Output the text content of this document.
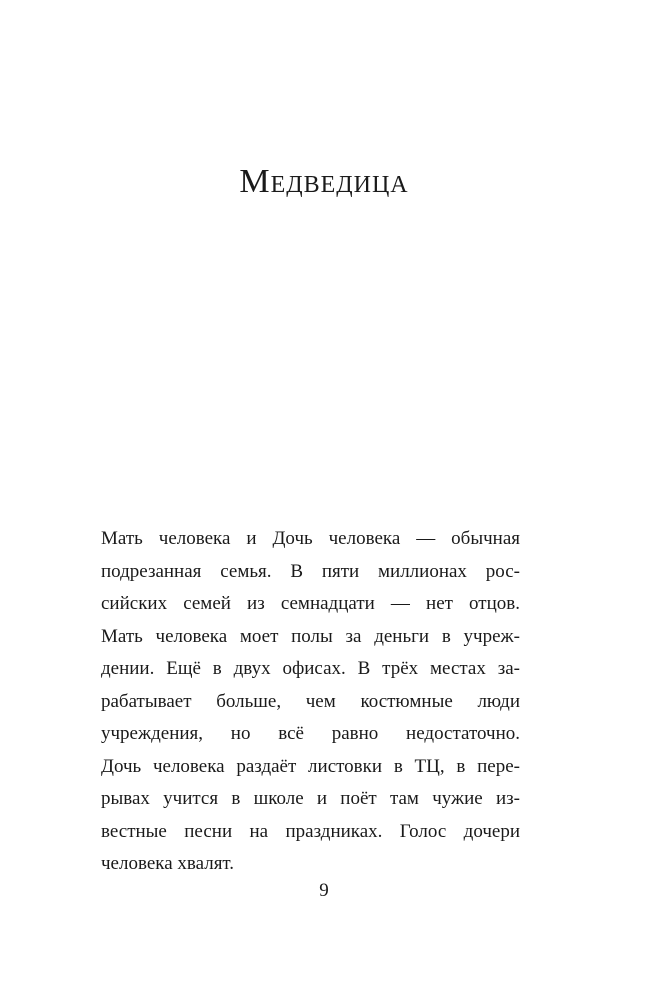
Медведица
Мать человека и Дочь человека — обычная
подрезанная семья. В пяти миллионах рос-
сийских семей из семнадцати — нет отцов.
Мать человека моет полы за деньги в учреж-
дении. Ещё в двух офисах. В трёх местах за-
рабатывает больше, чем костюмные люди
учреждения, но всё равно недостаточно.
Дочь человека раздаёт листовки в ТЦ, в пере-
рывах учится в школе и поёт там чужие из-
вестные песни на праздниках. Голос дочери
человека хвалят.
9
